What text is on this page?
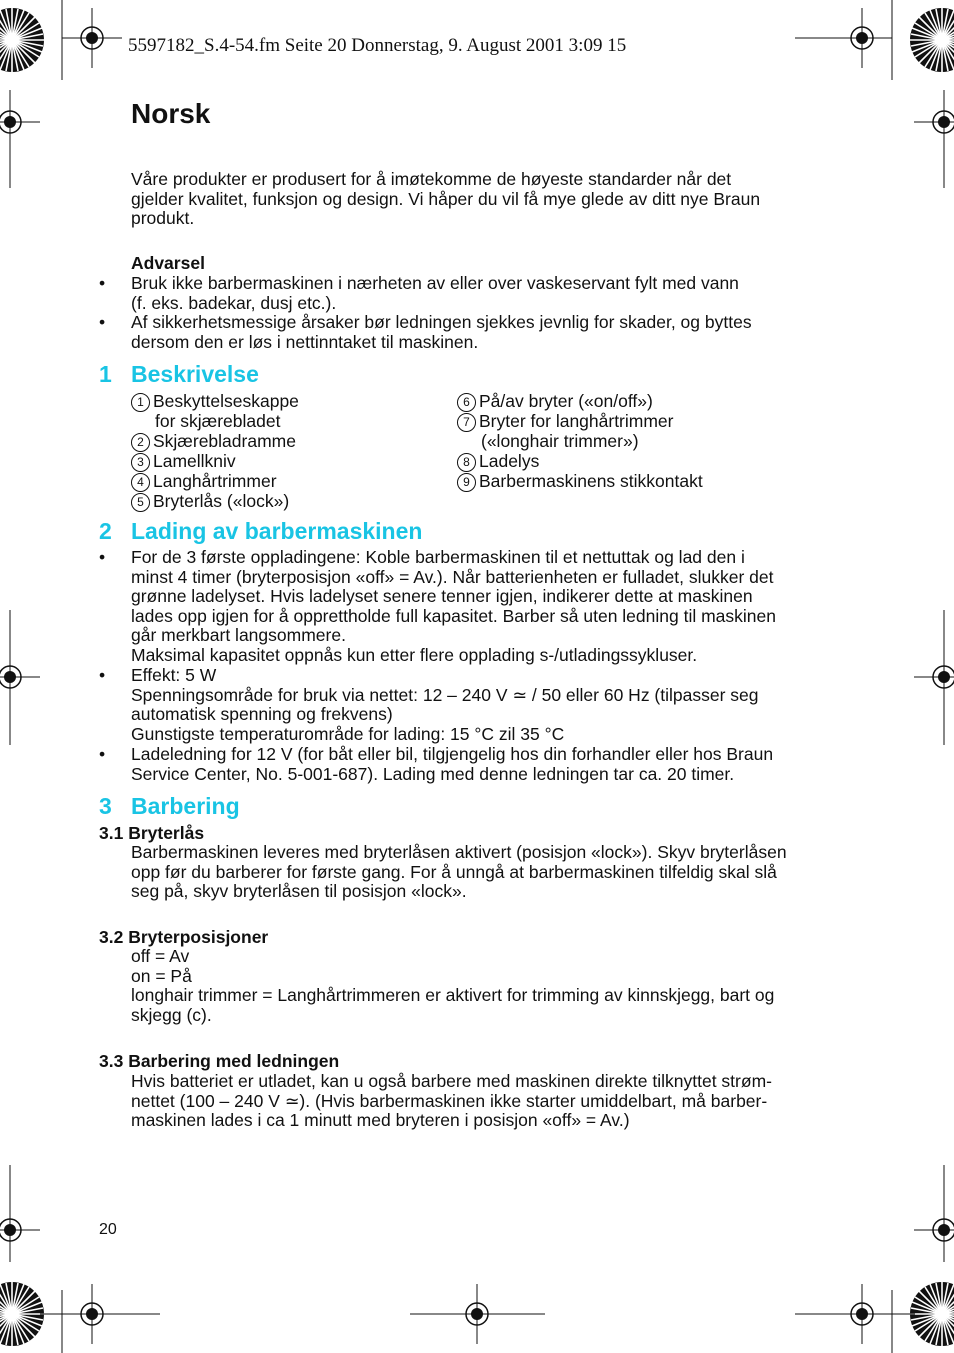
5597182_S.4-54.fm Seite 20 Donnerstag, 9. August 2001 3:09 15
Norsk
Våre produkter er produsert for å imøtekomme de høyeste standarder når det
gjelder kvalitet, funksjon og design. Vi håper du vil få mye glede av ditt nye Braun
produkt.
Advarsel
• Bruk ikke barbermaskinen i nærheten av eller over vaskeservant fylt med vann
(f. eks. badekar, dusj etc.).
• Af sikkerhetsmessige årsaker bør ledningen sjekkes jevnlig for skader, og byttes
dersom den er løs i nettinntaket til maskinen.
1 Beskrivelse
1 Beskyttelseskappe
for skjærebladet
2 Skjærebladramme
3 Lamellkniv
4 Langhårtrimmer
5 Bryterlås («lock»)
6 På/av bryter («on/off»)
7 Bryter for langhårtrimmer
(«longhair trimmer»)
8 Ladelys
9 Barbermaskinens stikkontakt
2 Lading av barbermaskinen
• For de 3 første oppladingene: Koble barbermaskinen til et nettuttak og lad den i
minst 4 timer (bryterposisjon «off» = Av.). Når batterienheten er fulladet, slukker det
grønne ladelyset. Hvis ladelyset senere tenner igjen, indikerer dette at maskinen
lades opp igjen for å opprettholde full kapasitet. Barber så uten ledning til maskinen
går merkbart langsommere.
Maksimal kapasitet oppnås kun etter flere opplading s-/utladingssykluser.
• Effekt: 5 W
Spenningsområde for bruk via nettet: 12 – 240 V ≃ / 50 eller 60 Hz (tilpasser seg
automatisk spenning og frekvens)
Gunstigste temperaturområde for lading: 15 °C zil 35 °C
• Ladeledning for 12 V (for båt eller bil, tilgjengelig hos din forhandler eller hos Braun
Service Center, No. 5-001-687). Lading med denne ledningen tar ca. 20 timer.
3 Barbering
3.1 Bryterlås
Barbermaskinen leveres med bryterlåsen aktivert (posisjon «lock»). Skyv bryterlåsen
opp før du barberer for første gang. For å unngå at barbermaskinen tilfeldig skal slå
seg på, skyv bryterlåsen til posisjon «lock».
3.2 Bryterposisjoner
off = Av
on = På
longhair trimmer = Langhårtrimmeren er aktivert for trimming av kinnskjegg, bart og
skjegg (c).
3.3 Barbering med ledningen
Hvis batteriet er utladet, kan u også barbere med maskinen direkte tilknyttet strøm-
nettet (100 – 240 V ≃). (Hvis barbermaskinen ikke starter umiddelbart, må barber-
maskinen lades i ca 1 minutt med bryteren i posisjon «off» = Av.)
20
